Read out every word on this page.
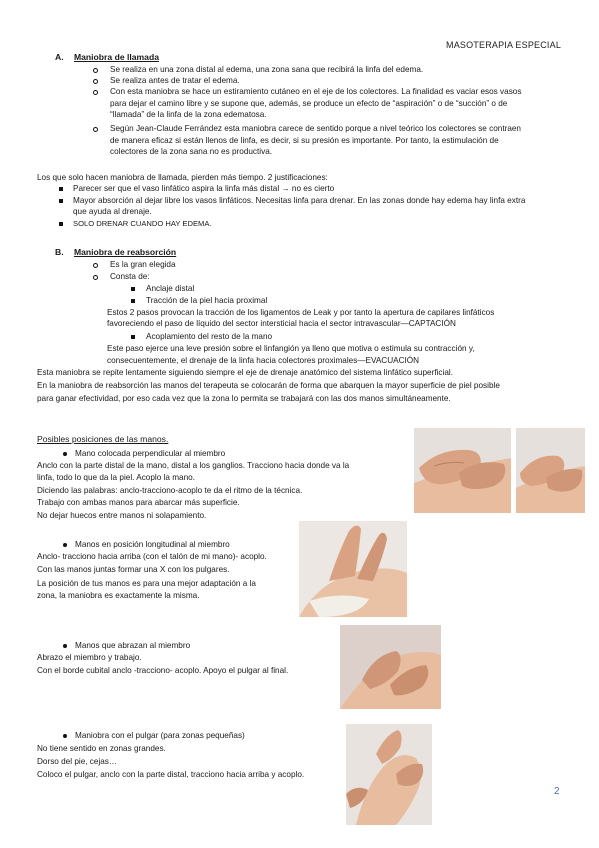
MASOTERAPIA ESPECIAL
A. Maniobra de llamada
Se realiza en una zona distal al edema, una zona sana que recibirá la linfa del edema.
Se realiza antes de tratar el edema.
Con esta maniobra se hace un estiramiento cutáneo en el eje de los colectores. La finalidad es vaciar esos vasos
para dejar el camino libre y se supone que, además, se produce un efecto de “aspiración” o de “succión” o de
“llamada” de la linfa de la zona edematosa.
Según Jean-Claude Ferrández esta maniobra carece de sentido porque a nivel teórico los colectores se contraen
de manera eficaz si están llenos de linfa, es decir, si su presión es importante. Por tanto, la estimulación de
colectores de la zona sana no es productiva.
Los que solo hacen maniobra de llamada, pierden más tiempo. 2 justificaciones:
Parecer ser que el vaso linfático aspira la linfa más distal → no es cierto
Mayor absorción al dejar libre los vasos linfáticos. Necesitas linfa para drenar. En las zonas donde hay edema hay linfa extra
que ayuda al drenaje.
SOLO DRENAR CUANDO HAY EDEMA.
B. Maniobra de reabsorción
Es la gran elegida
Consta de:
Anclaje distal
Tracción de la piel hacia proximal
Estos 2 pasos provocan la tracción de los ligamentos de Leak y por tanto la apertura de capilares linfáticos
favoreciendo el paso de líquido del sector intersticial hacia el sector intravascular—CAPTACIÓN
Acoplamiento del resto de la mano
Este paso ejerce una leve presión sobre el linfangión ya lleno que motiva o estimula su contracción y,
consecuentemente, el drenaje de la linfa hacia colectores proximales—EVACUACIÓN
Esta maniobra se repite lentamente siguiendo siempre el eje de drenaje anatómico del sistema linfático superficial.
En la maniobra de reabsorción las manos del terapeuta se colocarán de forma que abarquen la mayor superficie de piel posible
para ganar efectividad, por eso cada vez que la zona lo permita se trabajará con las dos manos simultáneamente.
Posibles posiciones de las manos.
Mano colocada perpendicular al miembro
Anclo con la parte distal de la mano, distal a los ganglios. Tracciono hacia donde va la
linfa, todo lo que da la piel. Acoplo la mano.
Diciendo las palabras: anclo-tracciono-acoplo te da el ritmo de la técnica.
Trabajo con ambas manos para abarcar más superficie.
No dejar huecos entre manos ni solapamiento.
Manos en posición longitudinal al miembro
Anclo- tracciono hacia arriba (con el talón de mi mano)- acoplo.
Con las manos juntas formar una X con los pulgares.
La posición de tus manos es para una mejor adaptación a la
zona, la maniobra es exactamente la misma.
Manos que abrazan al miembro
Abrazo el miembro y trabajo.
Con el borde cubital anclo -tracciono- acoplo. Apoyo el pulgar al final.
Maniobra con el pulgar (para zonas pequeñas)
No tiene sentido en zonas grandes.
Dorso del pie, cejas…
Coloco el pulgar, anclo con la parte distal, tracciono hacia arriba y acoplo.
2
